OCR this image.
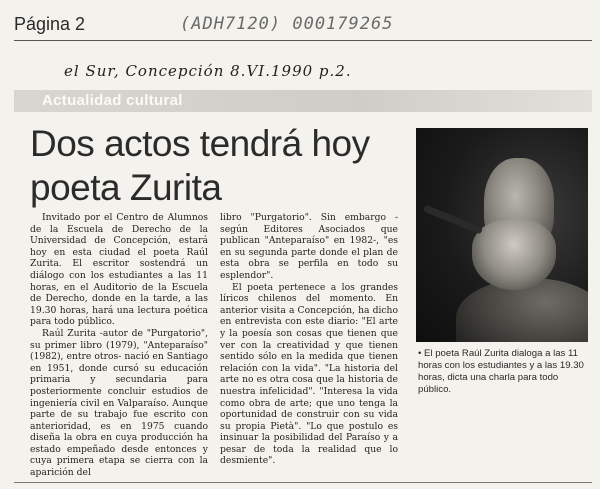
Página 2	(ADH7120) 000179265
el Sur, Concepción 8.VI.1990 p.2.
Actualidad cultural
Dos actos tendrá hoy poeta Zurita

Invitado por el Centro de Alumnos de la Escuela de Derecho de la Universidad de Concepción, estará hoy en esta ciudad el poeta Raúl Zurita. El escritor sostendrá un diálogo con los estudiantes a las 11 horas, en el Auditorio de la Escuela de Derecho, donde en la tarde, a las 19.30 horas, hará una lectura poética para todo público.

Raúl Zurita -autor de "Purgatorio", su primer libro (1979), "Anteparaíso" (1982), entre otros- nació en Santiago en 1951, donde cursó su educación primaria y secundaria para posteriormente concluir estudios de ingeniería civil en Valparaíso. Aunque parte de su trabajo fue escrito con anterioridad, es en 1975 cuando diseña la obra en cuya producción ha estado empeñado desde entonces y cuya primera etapa se cierra con la aparición del

libro "Purgatorio". Sin embargo -según Editores Asociados que publican "Anteparaíso" en 1982-, "es en su segunda parte donde el plan de esta obra se perfila en todo su esplendor".

El poeta pertenece a los grandes líricos chilenos del momento. En anterior visita a Concepción, ha dicho en entrevista con este diario: "El arte y la poesía son cosas que tienen que ver con la creatividad y que tienen sentido sólo en la medida que tienen relación con la vida". "La historia del arte no es otra cosa que la historia de nuestra infelicidad". "Interesa la vida como obra de arte; que uno tenga la oportunidad de construir con su vida su propia Pietà". "Lo que postulo es insinuar la posibilidad del Paraíso y a pesar de toda la realidad que lo desmiente".

• El poeta Raúl Zurita dialoga a las 11 horas con los estudiantes y a las 19.30 horas, dicta una charla para todo público.
